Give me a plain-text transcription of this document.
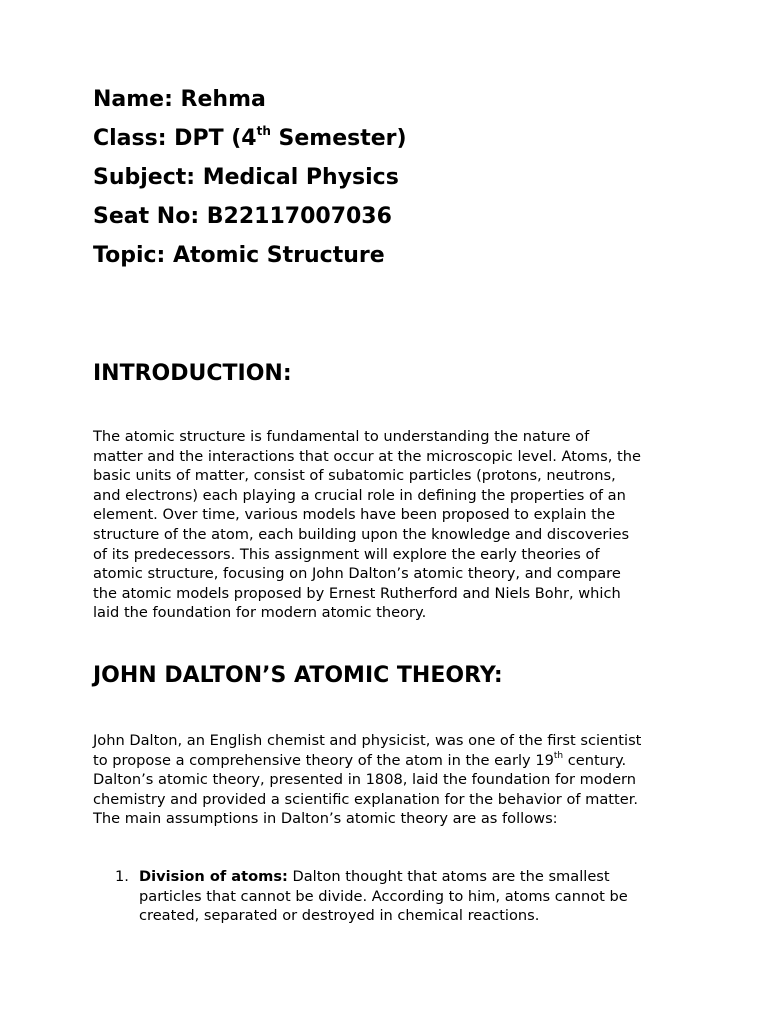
Name: Rehma
Class: DPT (4th Semester)
Subject: Medical Physics
Seat No: B22117007036
Topic: Atomic Structure
INTRODUCTION:
The atomic structure is fundamental to understanding the nature of
matter and the interactions that occur at the microscopic level. Atoms, the
basic units of matter, consist of subatomic particles (protons, neutrons,
and electrons) each playing a crucial role in defining the properties of an
element. Over time, various models have been proposed to explain the
structure of the atom, each building upon the knowledge and discoveries
of its predecessors. This assignment will explore the early theories of
atomic structure, focusing on John Dalton’s atomic theory, and compare
the atomic models proposed by Ernest Rutherford and Niels Bohr, which
laid the foundation for modern atomic theory.
JOHN DALTON’S ATOMIC THEORY:
John Dalton, an English chemist and physicist, was one of the first scientist
to propose a comprehensive theory of the atom in the early 19th century.
Dalton’s atomic theory, presented in 1808, laid the foundation for modern
chemistry and provided a scientific explanation for the behavior of matter.
The main assumptions in Dalton’s atomic theory are as follows:
1. Division of atoms: Dalton thought that atoms are the smallest
particles that cannot be divide. According to him, atoms cannot be
created, separated or destroyed in chemical reactions.
